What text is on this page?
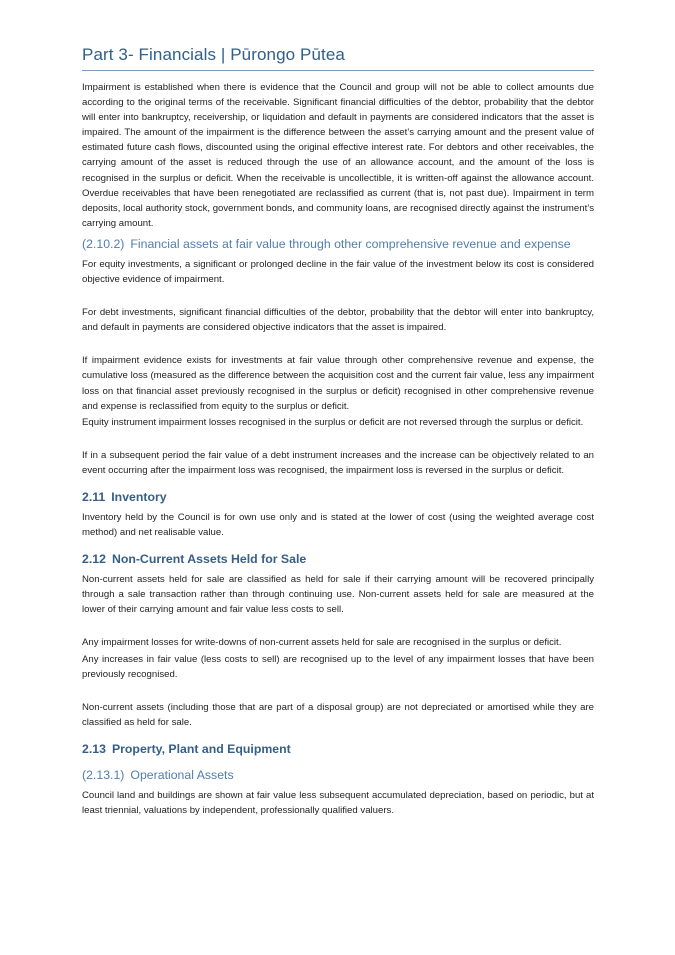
Part 3- Financials | Pūrongo Pūtea

Impairment is established when there is evidence that the Council and group will not be able to collect amounts due according to the original terms of the receivable. Significant financial difficulties of the debtor, probability that the debtor will enter into bankruptcy, receivership, or liquidation and default in payments are considered indicators that the asset is impaired. The amount of the impairment is the difference between the asset’s carrying amount and the present value of estimated future cash flows, discounted using the original effective interest rate. For debtors and other receivables, the carrying amount of the asset is reduced through the use of an allowance account, and the amount of the loss is recognised in the surplus or deficit. When the receivable is uncollectible, it is written-off against the allowance account. Overdue receivables that have been renegotiated are reclassified as current (that is, not past due). Impairment in term deposits, local authority stock, government bonds, and community loans, are recognised directly against the instrument’s carrying amount.

(2.10.2) Financial assets at fair value through other comprehensive revenue and expense

For equity investments, a significant or prolonged decline in the fair value of the investment below its cost is considered objective evidence of impairment.

For debt investments, significant financial difficulties of the debtor, probability that the debtor will enter into bankruptcy, and default in payments are considered objective indicators that the asset is impaired.

If impairment evidence exists for investments at fair value through other comprehensive revenue and expense, the cumulative loss (measured as the difference between the acquisition cost and the current fair value, less any impairment loss on that financial asset previously recognised in the surplus or deficit) recognised in other comprehensive revenue and expense is reclassified from equity to the surplus or deficit.

Equity instrument impairment losses recognised in the surplus or deficit are not reversed through the surplus or deficit.

If in a subsequent period the fair value of a debt instrument increases and the increase can be objectively related to an event occurring after the impairment loss was recognised, the impairment loss is reversed in the surplus or deficit.

2.11 Inventory

Inventory held by the Council is for own use only and is stated at the lower of cost (using the weighted average cost method) and net realisable value.

2.12 Non-Current Assets Held for Sale

Non-current assets held for sale are classified as held for sale if their carrying amount will be recovered principally through a sale transaction rather than through continuing use. Non-current assets held for sale are measured at the lower of their carrying amount and fair value less costs to sell.

Any impairment losses for write-downs of non-current assets held for sale are recognised in the surplus or deficit.

Any increases in fair value (less costs to sell) are recognised up to the level of any impairment losses that have been previously recognised.

Non-current assets (including those that are part of a disposal group) are not depreciated or amortised while they are classified as held for sale.

2.13 Property, Plant and Equipment
(2.13.1) Operational Assets

Council land and buildings are shown at fair value less subsequent accumulated depreciation, based on periodic, but at least triennial, valuations by independent, professionally qualified valuers.
